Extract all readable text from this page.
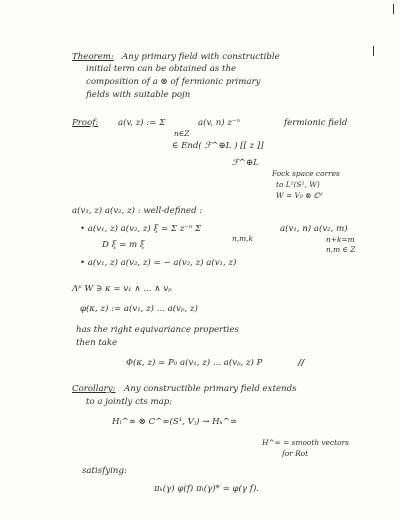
Theorem: Any primary field with constructible
initial term can be obtained as the
composition of a ⊗ of fermionic primary
fields with suitable pojn
Proof: a(v, z) := Σ
n∈Z
a(v, n) z⁻ⁿ	fermionic field
∈ End( ℱ^⊕L ) [[ z ]]
ℱ^⊕L
Fock space corres
to L²(S¹, W)
W = V₀ ⊗ ℂᵈ
a(v₁, z) a(v₂, z) : well-defined :
• a(v₁, z) a(v₂, z) ξ = Σ z⁻ⁿ Σ
n,m,k
a(v₁, n) a(v₂, m)
n+k=m
n,m ∈ Z
D ξ = m ξ
• a(v₁, z) a(v₂, z) = − a(v₂, z) a(v₁, z)
Λᵖ W ∋ κ = v₁ ∧ ... ∧ vₚ
φ(κ, z) := a(v₁, z) ... a(vₚ, z)
has the right equivariance properties
then take
Φ(κ, z) = P₀ a(v₁, z) ... a(vₚ, z) P	//
Corollary: Any constructible primary field extends
to a jointly cts map:
Hₗ^∞ ⊗ C^∞(S¹, Vⱼ) → Hₖ^∞
H^∞ = smooth vectors
for Rot
satisfying:
πₖ(γ) φ(f) πₗ(γ)* = φ(γ f).
